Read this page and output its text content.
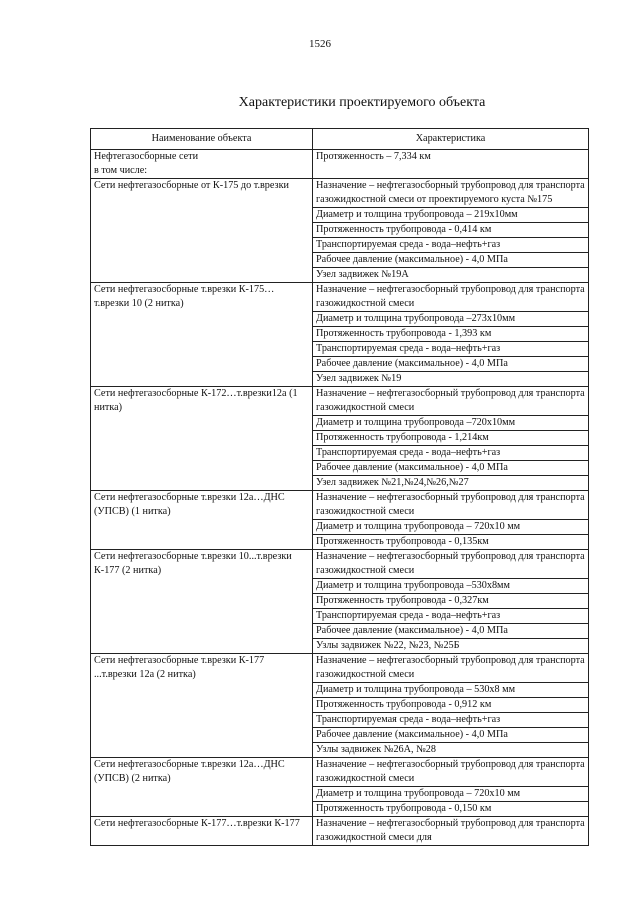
1526
Характеристики проектируемого объекта
Наименование объекта	Характеристика
Нефтегазосборные сети
в том числе:	Протяженность – 7,334 км
Сети нефтегазосборные от К-175 до т.врезки	Назначение – нефтегазосборный трубопровод для транспорта газожидкостной смеси от проектируемого куста №175
	Диаметр и толщина трубопровода – 219х10мм
	Протяженность трубопровода - 0,414 км
	Транспортируемая среда - вода–нефть+газ
	Рабочее давление (максимальное) - 4,0 МПа
	Узел задвижек №19А
Сети нефтегазосборные т.врезки К-175…т.врезки 10 (2 нитка)	Назначение – нефтегазосборный трубопровод для транспорта газожидкостной смеси
	Диаметр и толщина трубопровода –273х10мм
	Протяженность трубопровода - 1,393 км
	Транспортируемая среда - вода–нефть+газ
	Рабочее давление (максимальное) - 4,0 МПа
	Узел задвижек №19
Сети нефтегазосборные К-172…т.врезки12а (1 нитка)	Назначение – нефтегазосборный трубопровод для транспорта газожидкостной смеси
	Диаметр и толщина трубопровода –720х10мм
	Протяженность трубопровода - 1,214км
	Транспортируемая среда - вода–нефть+газ
	Рабочее давление (максимальное) - 4,0 МПа
	Узел задвижек №21,№24,№26,№27
Сети нефтегазосборные т.врезки 12а…ДНС (УПСВ) (1 нитка)	Назначение – нефтегазосборный трубопровод для транспорта газожидкостной смеси
	Диаметр и толщина трубопровода – 720х10 мм
	Протяженность трубопровода - 0,135км
Сети нефтегазосборные т.врезки 10...т.врезки К-177 (2 нитка)	Назначение – нефтегазосборный трубопровод для транспорта газожидкостной смеси
	Диаметр и толщина трубопровода –530х8мм
	Протяженность трубопровода - 0,327км
	Транспортируемая среда - вода–нефть+газ
	Рабочее давление (максимальное) - 4,0 МПа
	Узлы задвижек №22, №23, №25Б
Сети нефтегазосборные т.врезки К-177 ...т.врезки 12а (2 нитка)	Назначение – нефтегазосборный трубопровод для транспорта газожидкостной смеси
	Диаметр и толщина трубопровода – 530х8 мм
	Протяженность трубопровода - 0,912 км
	Транспортируемая среда - вода–нефть+газ
	Рабочее давление (максимальное) - 4,0 МПа
	Узлы задвижек №26А, №28
Сети нефтегазосборные т.врезки 12а…ДНС (УПСВ) (2 нитка)	Назначение – нефтегазосборный трубопровод для транспорта газожидкостной смеси
	Диаметр и толщина трубопровода – 720х10 мм
	Протяженность трубопровода - 0,150 км
Сети нефтегазосборные К-177…т.врезки К-177	Назначение – нефтегазосборный трубопровод для транспорта газожидкостной смеси для
